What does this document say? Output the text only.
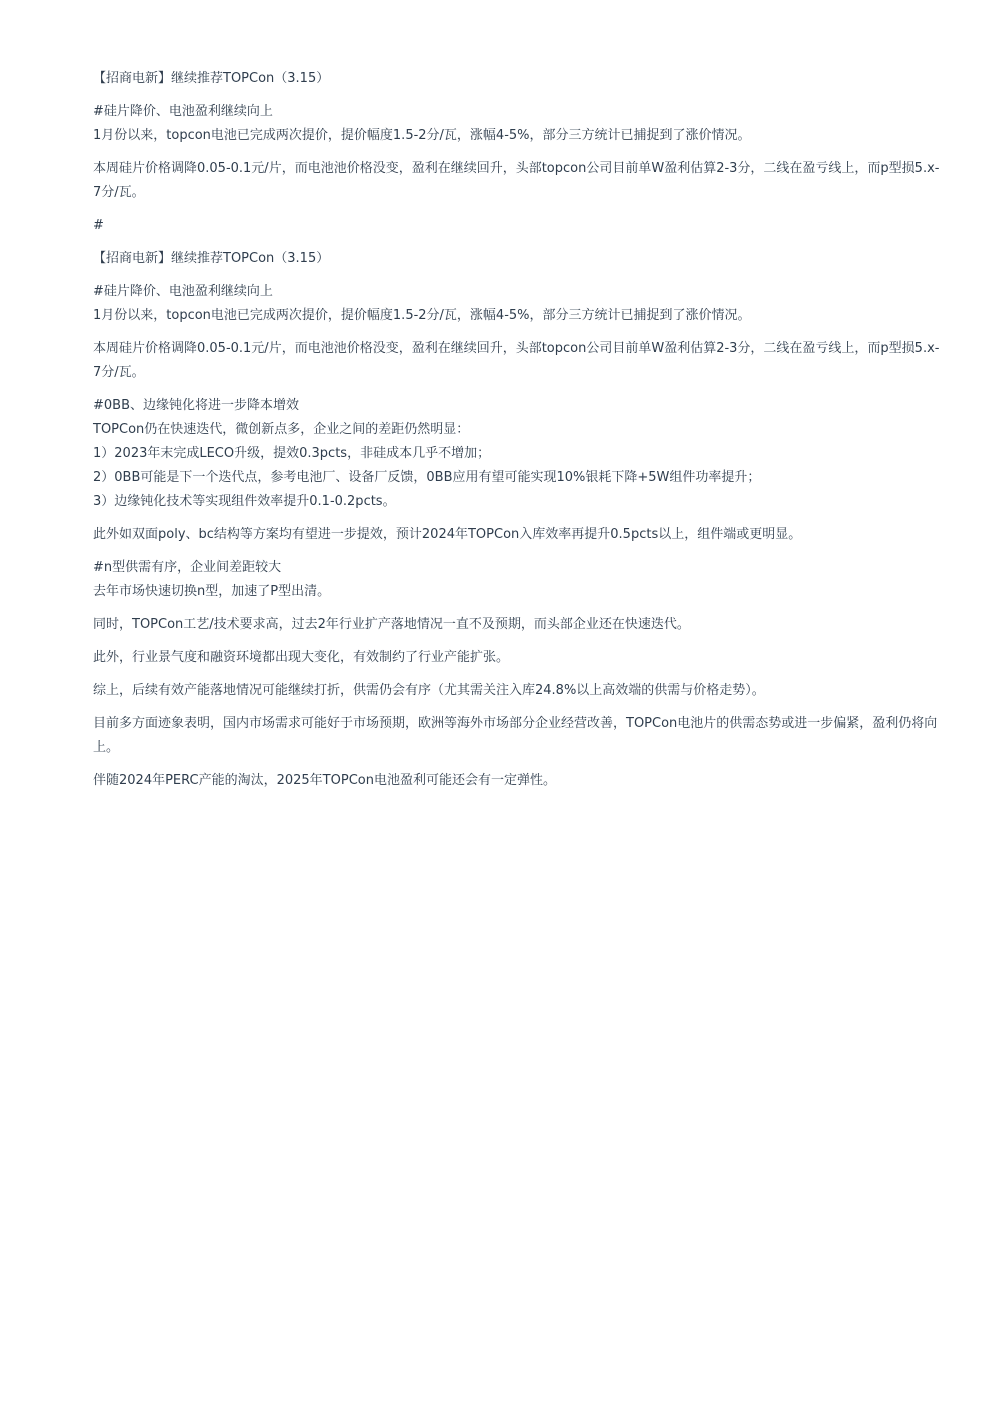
【招商电新】继续推荐TOPCon（3.15）
#硅片降价、电池盈利继续向上
1月份以来，topcon电池已完成两次提价，提价幅度1.5-2分/瓦，涨幅4-5%，部分三方统计已捕捉到了涨价情况。
本周硅片价格调降0.05-0.1元/片，而电池池价格没变，盈利在继续回升，头部topcon公司目前单W盈利估算2-3分，二线在盈亏线上，而p型损5.x-7分/瓦。
#
【招商电新】继续推荐TOPCon（3.15）
#硅片降价、电池盈利继续向上
1月份以来，topcon电池已完成两次提价，提价幅度1.5-2分/瓦，涨幅4-5%，部分三方统计已捕捉到了涨价情况。
本周硅片价格调降0.05-0.1元/片，而电池池价格没变，盈利在继续回升，头部topcon公司目前单W盈利估算2-3分，二线在盈亏线上，而p型损5.x-7分/瓦。
#0BB、边缘钝化将进一步降本增效
TOPCon仍在快速迭代，微创新点多，企业之间的差距仍然明显：
1）2023年末完成LECO升级，提效0.3pcts，非硅成本几乎不增加；
2）0BB可能是下一个迭代点，参考电池厂、设备厂反馈，0BB应用有望可能实现10%银耗下降+5W组件功率提升；
3）边缘钝化技术等实现组件效率提升0.1-0.2pcts。
此外如双面poly、bc结构等方案均有望进一步提效，预计2024年TOPCon入库效率再提升0.5pcts以上，组件端或更明显。
#n型供需有序，企业间差距较大
去年市场快速切换n型，加速了P型出清。
同时，TOPCon工艺/技术要求高，过去2年行业扩产落地情况一直不及预期，而头部企业还在快速迭代。
此外，行业景气度和融资环境都出现大变化，有效制约了行业产能扩张。
综上，后续有效产能落地情况可能继续打折，供需仍会有序（尤其需关注入库24.8%以上高效端的供需与价格走势）。
目前多方面迹象表明，国内市场需求可能好于市场预期，欧洲等海外市场部分企业经营改善，TOPCon电池片的供需态势或进一步偏紧，盈利仍将向上。
伴随2024年PERC产能的淘汰，2025年TOPCon电池盈利可能还会有一定弹性。
